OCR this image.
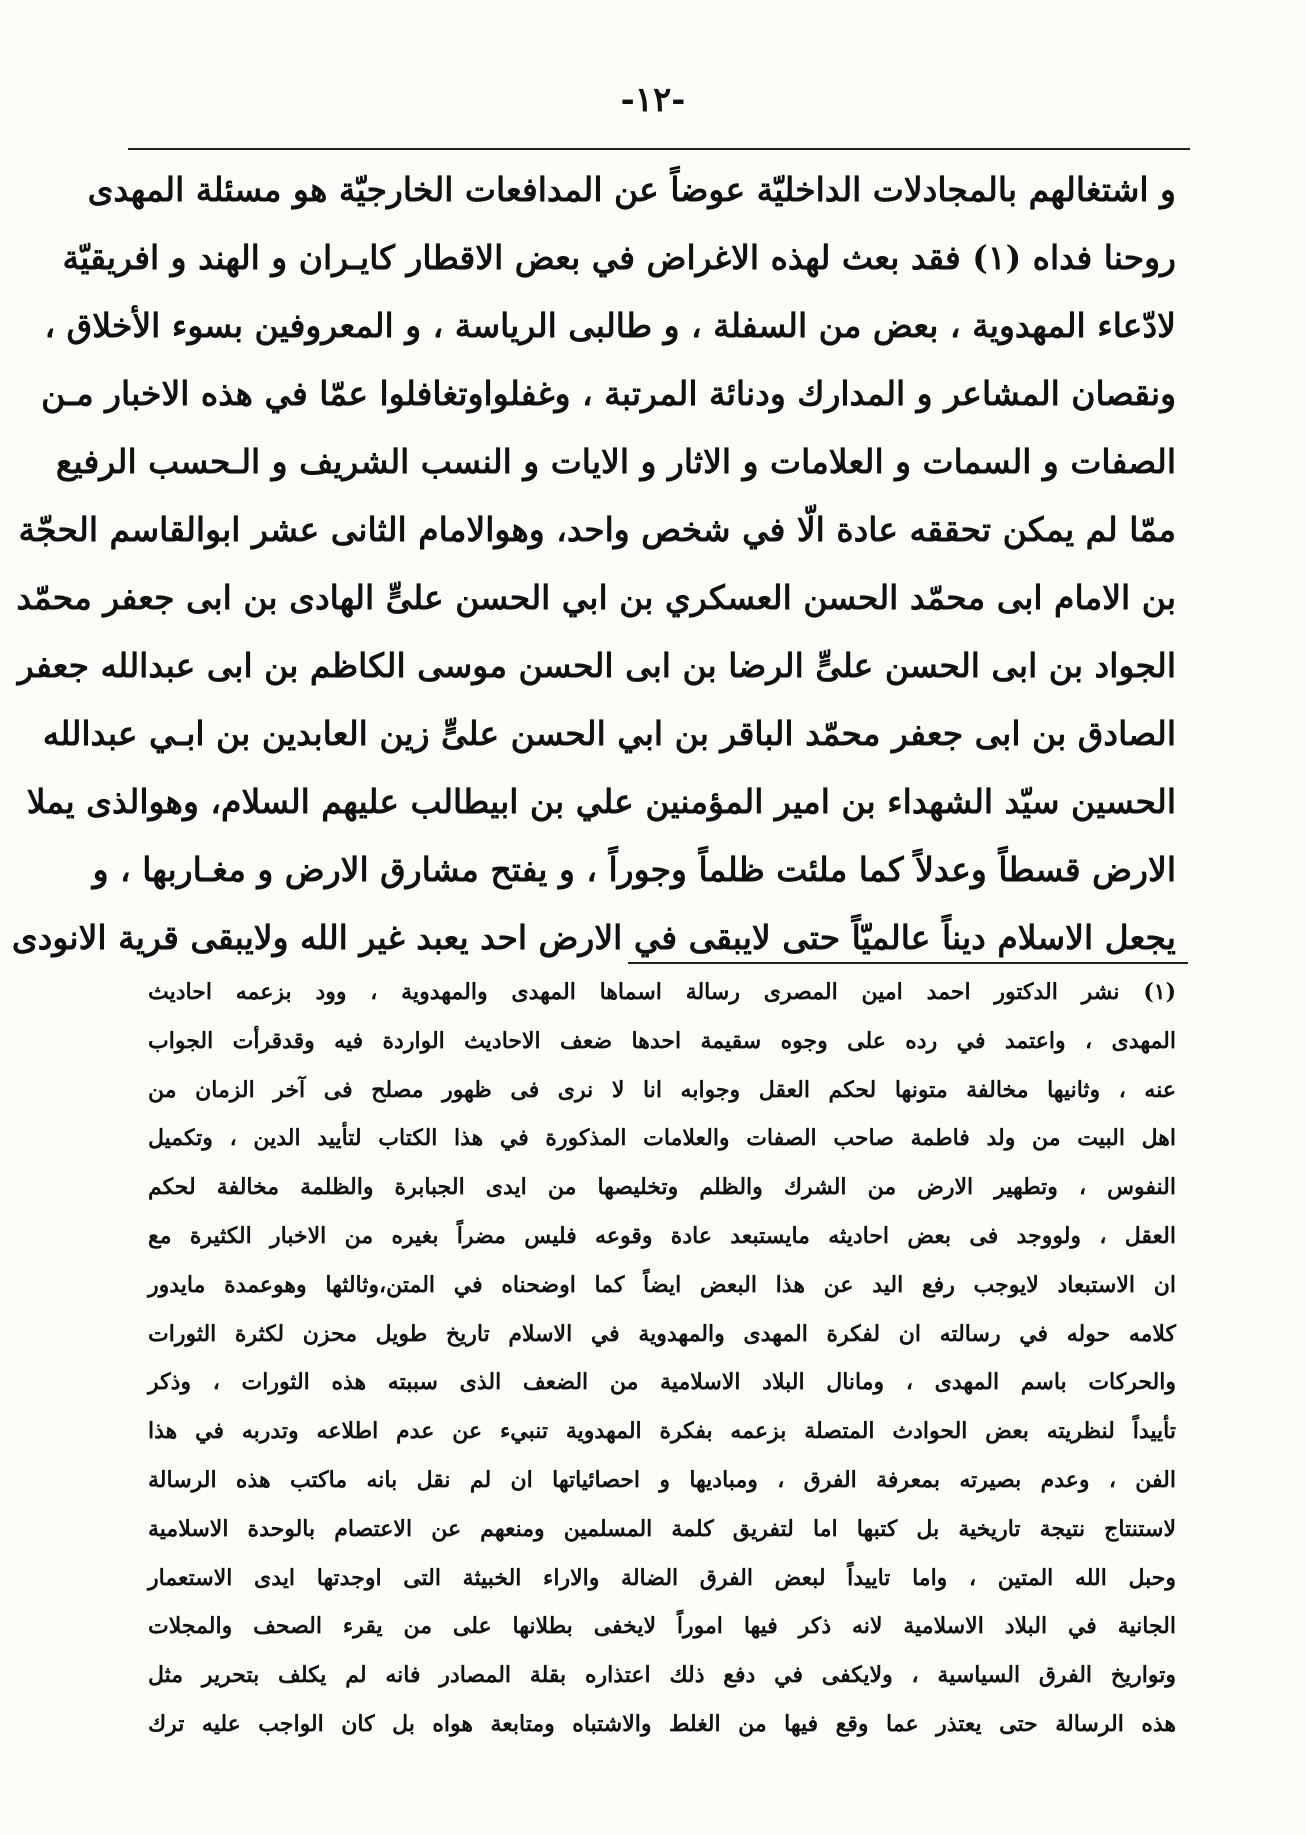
-۱۲-
و اشتغالهم بالمجادلات الداخليّة عوضاً عن المدافعات الخارجيّة هو مسئلة المهدى
روحنا فداه (۱) فقد بعث لهذه الاغراض في بعض الاقطار كايـران و الهند و افريقيّة
لادّعاء المهدوية ، بعض من السفلة ، و طالبى الرياسة ، و المعروفين بسوء الأخلاق ،
ونقصان المشاعر و المدارك ودنائة المرتبة ، وغفلواوتغافلوا عمّا في هذه الاخبار مـن
الصفات و السمات و العلامات و الاثار و الايات و النسب الشريف و الـحسب الرفيع
ممّا لم يمكن تحققه عادة الّا في شخص واحد، وهوالامام الثانى عشر ابوالقاسم الحجّة
بن الامام ابى محمّد الحسن العسكري بن ابي الحسن علىٍّ الهادى بن ابى جعفر محمّد
الجواد بن ابى الحسن علىٍّ الرضا بن ابى الحسن موسى الكاظم بن ابى عبدالله جعفر
الصادق بن ابى جعفر محمّد الباقر بن ابي الحسن علىٍّ زين العابدين بن ابـي عبدالله
الحسين سيّد الشهداء بن امير المؤمنين علي بن ابيطالب عليهم السلام، وهوالذى يملا
الارض قسطاً وعدلاً كما ملئت ظلماً وجوراً ، و يفتح مشارق الارض و مغـاربها ، و
يجعل الاسلام ديناً عالميّاً حتى لايبقى في الارض احد يعبد غير الله ولايبقى قرية الانودى
(۱) نشر الدكتور احمد امين المصرى رسالة اسماها المهدى والمهدوية ، وود بزعمه احاديث
المهدى ، واعتمد في رده على وجوه سقيمة احدها ضعف الاحاديث الواردة فيه وقدقرأت الجواب
عنه ، وثانيها مخالفة متونها لحكم العقل وجوابه انا لا نرى فى ظهور مصلح فى آخر الزمان من
اهل البيت من ولد فاطمة صاحب الصفات والعلامات المذكورة في هذا الكتاب لتأييد الدين ، وتكميل
النفوس ، وتطهير الارض من الشرك والظلم وتخليصها من ايدى الجبابرة والظلمة مخالفة لحكم
العقل ، ولووجد فى بعض احاديثه مايستبعد عادة وقوعه فليس مضراً بغيره من الاخبار الكثيرة مع
ان الاستبعاد لايوجب رفع اليد عن هذا البعض ايضاً كما اوضحناه في المتن،وثالثها وهوعمدة مايدور
كلامه حوله في رسالته ان لفكرة المهدى والمهدوية في الاسلام تاريخ طويل محزن لكثرة الثورات
والحركات باسم المهدى ، ومانال البلاد الاسلامية من الضعف الذى سببته هذه الثورات ، وذكر
تأييداً لنظريته بعض الحوادث المتصلة بزعمه بفكرة المهدوية تنبيء عن عدم اطلاعه وتدربه في هذا
الفن ، وعدم بصيرته بمعرفة الفرق ، ومباديها و احصائياتها ان لم نقل بانه ماكتب هذه الرسالة
لاستنتاج نتيجة تاريخية بل كتبها اما لتفريق كلمة المسلمين ومنعهم عن الاعتصام بالوحدة الاسلامية
وحبل الله المتين ، واما تاييداً لبعض الفرق الضالة والاراء الخبيثة التى اوجدتها ايدى الاستعمار
الجانية في البلاد الاسلامية لانه ذكر فيها اموراً لايخفى بطلانها على من يقرء الصحف والمجلات
وتواريخ الفرق السياسية ، ولايكفى في دفع ذلك اعتذاره بقلة المصادر فانه لم يكلف بتحرير مثل
هذه الرسالة حتى يعتذر عما وقع فيها من الغلط والاشتباه ومتابعة هواه بل كان الواجب عليه ترك
